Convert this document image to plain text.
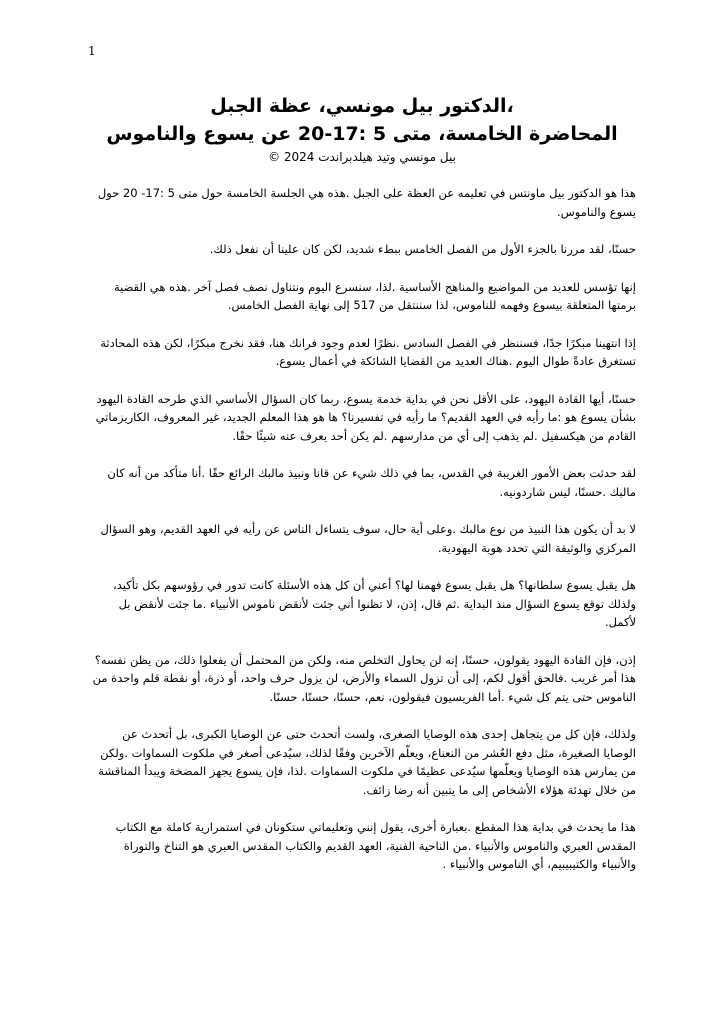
1
،الدكتور بيل مونسي، عظة الجبل
المحاضرة الخامسة، متى 5 :17-20 عن يسوع والناموس
بيل مونسي وتيد هيلدبراندت 2024 ©

هذا هو الدكتور بيل ماونتس في تعليمه عن العظة على الجبل .هذه هي الجلسة الخامسة حول متى 5 :17- 20 حول يسوع والناموس.

حسنًا، لقد مررنا بالجزء الأول من الفصل الخامس ببطء شديد، لكن كان علينا أن نفعل ذلك.

إنها تؤسس للعديد من المواضيع والمناهج الأساسية .لذا، سنسرع اليوم ونتناول نصف فصل آخر .هذه هي القضية برمتها المتعلقة بيسوع وفهمه للناموس، لذا سننتقل من 517 إلى نهاية الفصل الخامس.

إذا انتهينا مبكرًا جدًا، فسننظر في الفصل السادس .نظرًا لعدم وجود فرانك هنا، فقد نخرج مبكرًا، لكن هذه المحادثة تستغرق عادةً طوال اليوم .هناك العديد من القضايا الشائكة في أعمال يسوع.

حسنًا، أيها القادة اليهود، على الأقل نحن في بداية خدمة يسوع، ربما كان السؤال الأساسي الذي طرحه القادة اليهود بشأن يسوع هو :ما رأيه في العهد القديم؟ ما رأيه في تفسيرنا؟ ها هو هذا المعلم الجديد، غير المعروف، الكاريزماتي القادم من هيكسفيل .لم يذهب إلى أي من مدارسهم .لم يكن أحد يعرف عنه شيئًا حقًا.

لقد حدثت بعض الأمور الغريبة في القدس، بما في ذلك شيء عن قانا ونبيذ مالبك الرائع حقًا .أنا متأكد من أنه كان مالبك .حسنًا، ليس شاردونيه.

لا بد أن يكون هذا النبيذ من نوع مالبك .وعلى أية حال، سوف يتساءل الناس عن رأيه في العهد القديم، وهو السؤال المركزي والوثيقة التي تحدد هوية اليهودية.

هل يقبل يسوع سلطانها؟ هل يقبل يسوع فهمنا لها؟ أعني أن كل هذه الأسئلة كانت تدور في رؤوسهم بكل تأكيد، ولذلك توقع يسوع السؤال منذ البداية .ثم قال، إذن، لا تظنوا أني جئت لأنقض ناموس الأنبياء .ما جئت لأنقض بل لأكمل.

إذن، فإن القادة اليهود يقولون، حسنًا، إنه لن يحاول التخلص منه، ولكن من المحتمل أن يفعلوا ذلك، من يظن نفسه؟ هذا أمر غريب .فالحق أقول لكم، إلى أن تزول السماء والأرض، لن يزول حرف واحد، أو ذرة، أو نقطة قلم واحدة من الناموس حتى يتم كل شيء .أما الفريسيون فيقولون، نعم، حسنًا، حسنًا، حسنًا.

ولذلك، فإن كل من يتجاهل إحدى هذه الوصايا الصغرى، ولست أتحدث حتى عن الوصايا الكبرى، بل أتحدث عن الوصايا الصغيرة، مثل دفع العُشر من النعناع، ويعلّم الآخرين وفقًا لذلك، سيُدعى أصغر في ملكوت السماوات .ولكن من يمارس هذه الوصايا ويعلّمها سيُدعى عظيمًا في ملكوت السماوات .لذا، فإن يسوع يجهز المضخة ويبدأ المناقشة من خلال تهدئة هؤلاء الأشخاص إلى ما يتبين أنه رضا زائف.

هذا ما يحدث في بداية هذا المقطع .بعبارة أخرى، يقول إنني وتعليماتي ستكونان في استمرارية كاملة مع الكتاب المقدس العبري والناموس والأنبياء .من الناحية الفنية، العهد القديم والكتاب المقدس العبري هو التناخ والتوراة والأنبياء والكتيبيبيم، أي الناموس والأنبياء .
